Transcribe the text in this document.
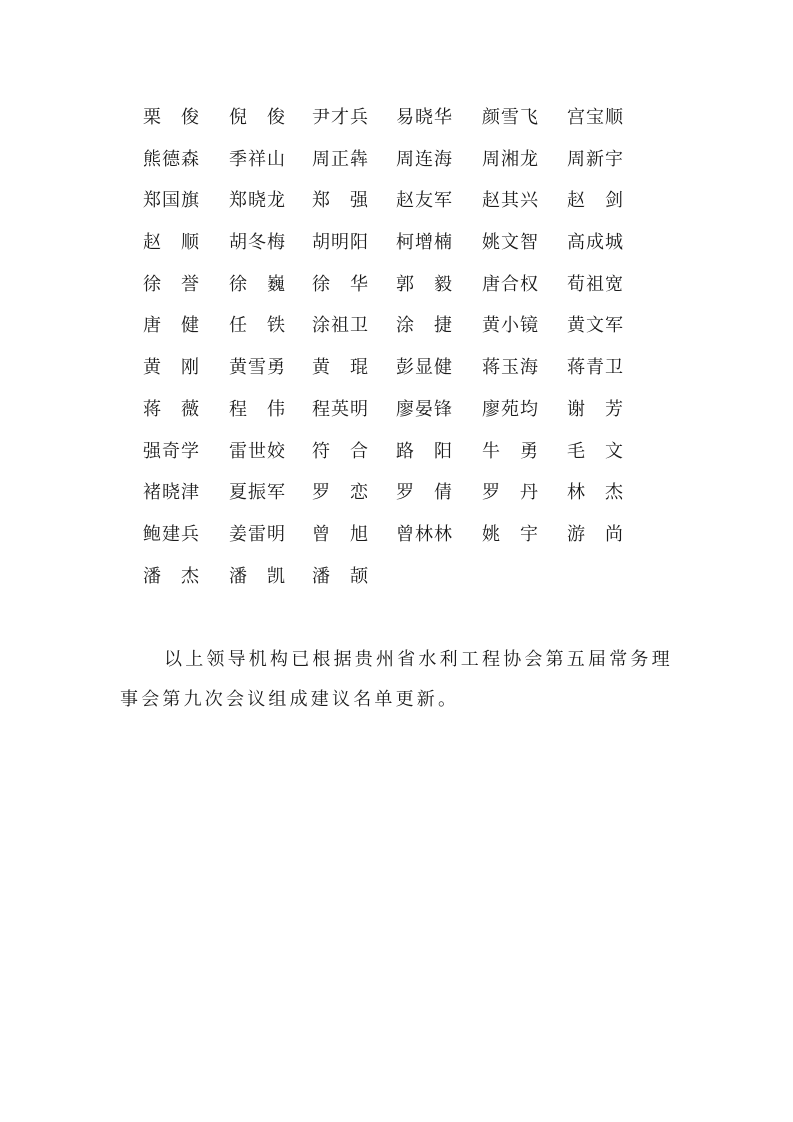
栗 俊 倪 俊 尹 才 兵 易 晓 华 颜 雪 飞 宫 宝 顺
熊 德 森 季 祥 山 周 正 犇 周 连 海 周 湘 龙 周 新 宇
郑 国 旗 郑 晓 龙 郑 强 赵 友 军 赵 其 兴 赵 剑
赵 顺 胡 冬 梅 胡 明 阳 柯 增 楠 姚 文 智 高 成 城
徐 誉 徐 巍 徐 华 郭 毅 唐 合 权 荀 祖 宽
唐 健 任 铁 涂 祖 卫 涂 捷 黄 小 镜 黄 文 军
黄 刚 黄 雪 勇 黄 琨 彭 显 健 蒋 玉 海 蒋 青 卫
蒋 薇 程 伟 程 英 明 廖 晏 锋 廖 苑 均 谢 芳
强 奇 学 雷 世 姣 符 合 路 阳 牛 勇 毛 文
褚 晓 津 夏 振 军 罗 恋 罗 倩 罗 丹 林 杰
鲍 建 兵 姜 雷 明 曾 旭 曾 林 林 姚 宇 游 尚
潘 杰 潘 凯 潘 颉

以上领导机构已根据贵州省水利工程协会第五届常务理事会第九次会议组成建议名单更新。
